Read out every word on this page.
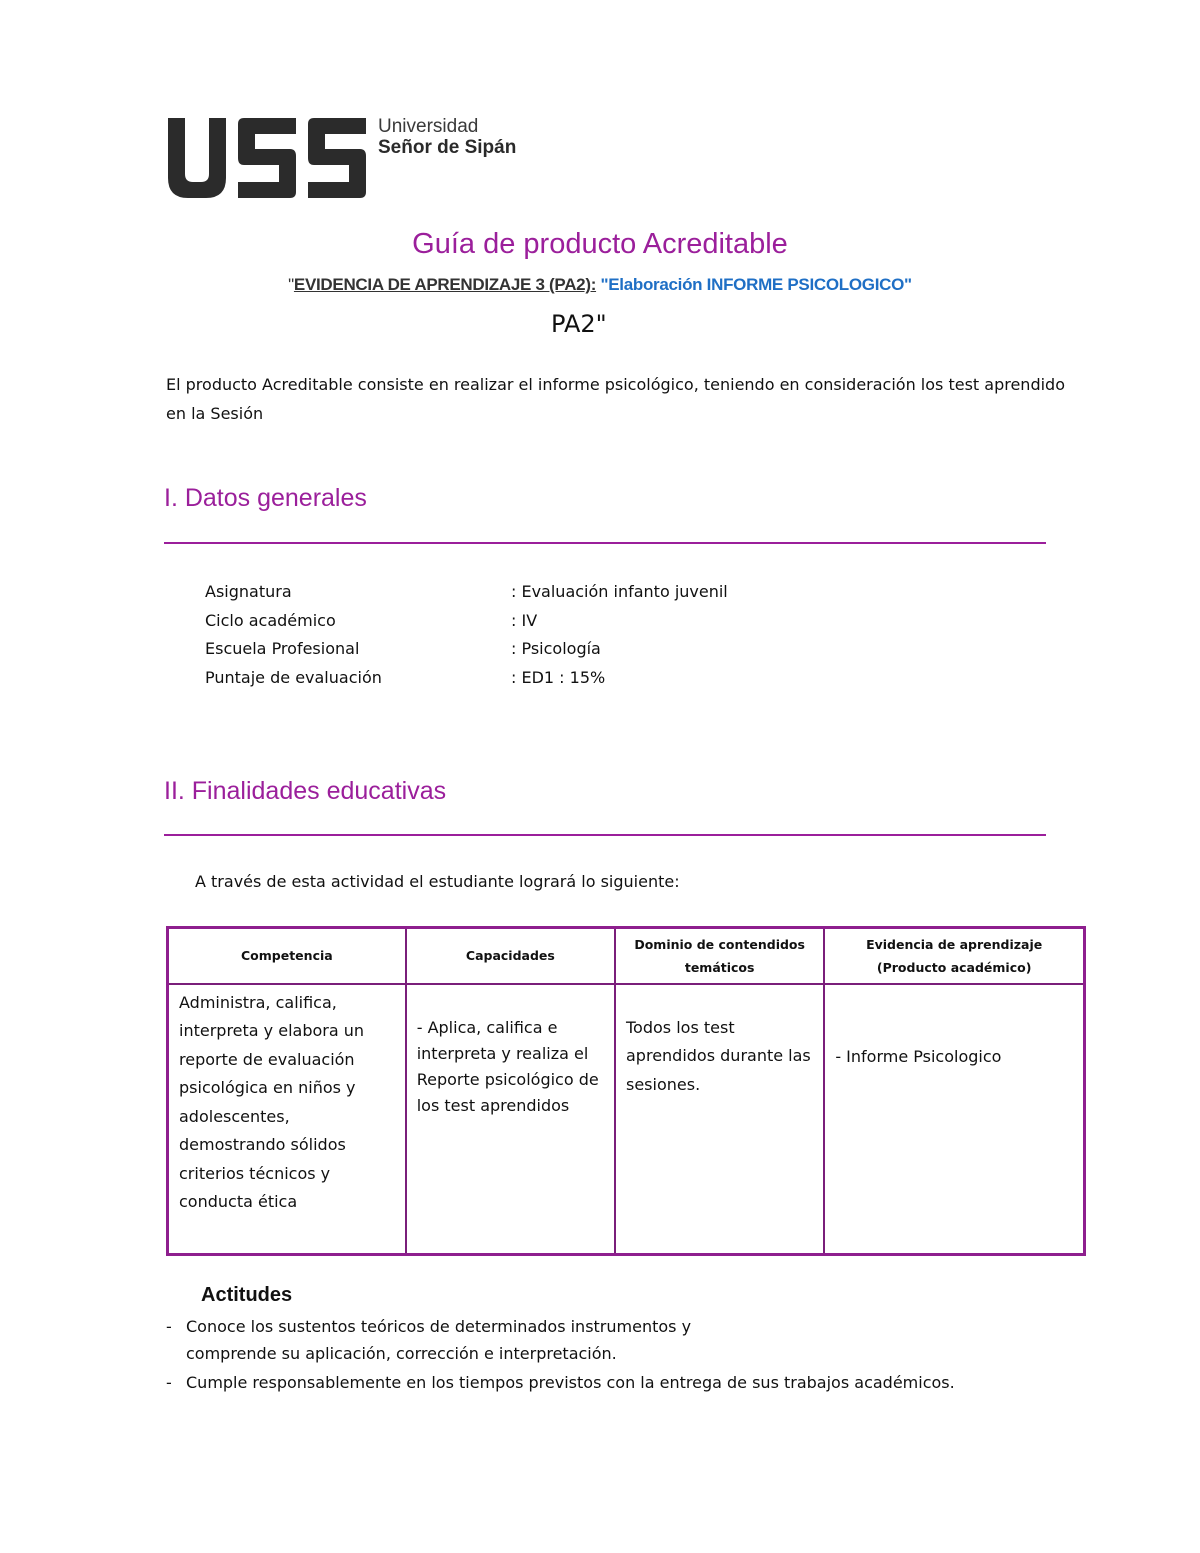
Universidad
Señor de Sipán
Guía de producto Acreditable
"EVIDENCIA DE APRENDIZAJE 3 (PA2): "Elaboración INFORME PSICOLOGICO"
PA2"
El producto Acreditable consiste en realizar el informe psicológico, teniendo en consideración los test aprendido en la Sesión
I. Datos generales
Asignatura	: Evaluación infanto juvenil
Ciclo académico	: IV
Escuela Profesional	: Psicología
Puntaje de evaluación	: ED1 : 15%
II. Finalidades educativas
A través de esta actividad el estudiante logrará lo siguiente:
Competencia	Capacidades	Dominio de contendidos temáticos	Evidencia de aprendizaje (Producto académico)
Administra, califica, interpreta y elabora un reporte de evaluación psicológica en niños y adolescentes, demostrando sólidos criterios técnicos y conducta ética	- Aplica, califica e interpreta y realiza el Reporte psicológico de los test aprendidos	Todos los test aprendidos durante las sesiones.	- Informe Psicologico
Actitudes
- Conoce los sustentos teóricos de determinados instrumentos y
comprende su aplicación, corrección e interpretación.
- Cumple responsablemente en los tiempos previstos con la entrega de sus trabajos académicos.
